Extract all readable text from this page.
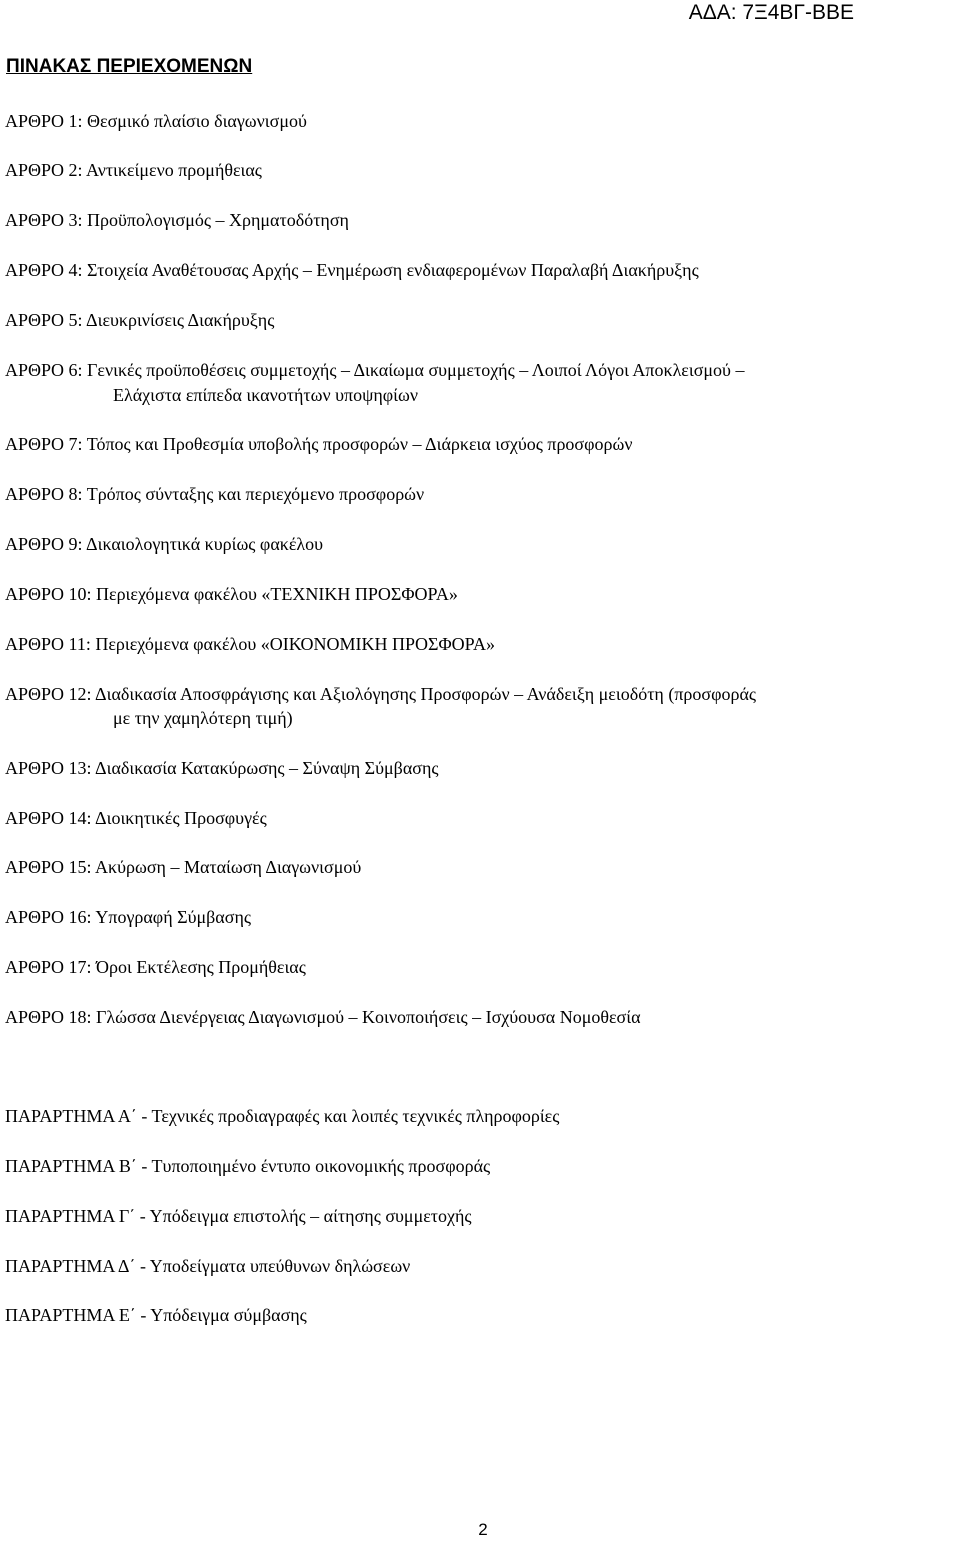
ΑΔΑ: 7Ξ4ΒΓ-ΒΒΕ
ΠΙΝΑΚΑΣ ΠΕΡΙΕΧΟΜΕΝΩΝ
ΑΡΘΡΟ 1: Θεσμικό πλαίσιο διαγωνισμού
ΑΡΘΡΟ 2: Αντικείμενο προμήθειας
ΑΡΘΡΟ 3: Προϋπολογισμός – Χρηματοδότηση
ΑΡΘΡΟ 4: Στοιχεία Αναθέτουσας Αρχής – Ενημέρωση ενδιαφερομένων Παραλαβή Διακήρυξης
ΑΡΘΡΟ 5: Διευκρινίσεις Διακήρυξης
ΑΡΘΡΟ 6: Γενικές προϋποθέσεις συμμετοχής – Δικαίωμα συμμετοχής – Λοιποί Λόγοι Αποκλεισμού –
Ελάχιστα επίπεδα ικανοτήτων υποψηφίων
ΑΡΘΡΟ 7: Τόπος και Προθεσμία υποβολής προσφορών – Διάρκεια ισχύος προσφορών
ΑΡΘΡΟ 8: Τρόπος σύνταξης και περιεχόμενο προσφορών
ΑΡΘΡΟ 9: Δικαιολογητικά κυρίως φακέλου
ΑΡΘΡΟ 10: Περιεχόμενα φακέλου «ΤΕΧΝΙΚΗ ΠΡΟΣΦΟΡΑ»
ΑΡΘΡΟ 11: Περιεχόμενα φακέλου «ΟΙΚΟΝΟΜΙΚΗ ΠΡΟΣΦΟΡΑ»
ΑΡΘΡΟ 12: Διαδικασία Αποσφράγισης και Αξιολόγησης Προσφορών – Ανάδειξη μειοδότη (προσφοράς
με την χαμηλότερη τιμή)
ΑΡΘΡΟ 13: Διαδικασία Κατακύρωσης – Σύναψη Σύμβασης
ΑΡΘΡΟ 14: Διοικητικές Προσφυγές
ΑΡΘΡΟ 15: Ακύρωση – Ματαίωση Διαγωνισμού
ΑΡΘΡΟ 16: Υπογραφή Σύμβασης
ΑΡΘΡΟ 17: Όροι Εκτέλεσης Προμήθειας
ΑΡΘΡΟ 18: Γλώσσα Διενέργειας Διαγωνισμού – Κοινοποιήσεις – Ισχύουσα Νομοθεσία
ΠΑΡΑΡΤΗΜΑ Α΄ - Τεχνικές προδιαγραφές και λοιπές τεχνικές πληροφορίες
ΠΑΡΑΡΤΗΜΑ Β΄ - Τυποποιημένο έντυπο οικονομικής προσφοράς
ΠΑΡΑΡΤΗΜΑ Γ΄ - Υπόδειγμα επιστολής – αίτησης συμμετοχής
ΠΑΡΑΡΤΗΜΑ Δ΄ - Υποδείγματα υπεύθυνων δηλώσεων
ΠΑΡΑΡΤΗΜΑ Ε΄ - Υπόδειγμα σύμβασης
2
